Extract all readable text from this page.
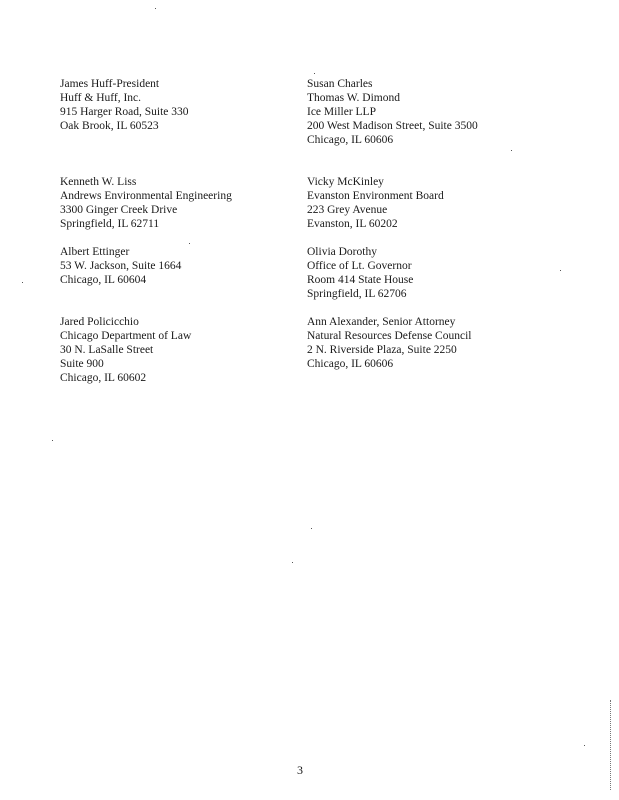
James Huff-President
Huff & Huff, Inc.
915 Harger Road, Suite 330
Oak Brook, IL 60523
Kenneth W. Liss
Andrews Environmental Engineering
3300 Ginger Creek Drive
Springfield, IL 62711
Albert Ettinger
53 W. Jackson, Suite 1664
Chicago, IL 60604
Jared Policicchio
Chicago Department of Law
30 N. LaSalle Street
Suite 900
Chicago, IL 60602
Susan Charles
Thomas W. Dimond
Ice Miller LLP
200 West Madison Street, Suite 3500
Chicago, IL 60606
Vicky McKinley
Evanston Environment Board
223 Grey Avenue
Evanston, IL 60202
Olivia Dorothy
Office of Lt. Governor
Room 414 State House
Springfield, IL 62706
Ann Alexander, Senior Attorney
Natural Resources Defense Council
2 N. Riverside Plaza, Suite 2250
Chicago, IL 60606
3
